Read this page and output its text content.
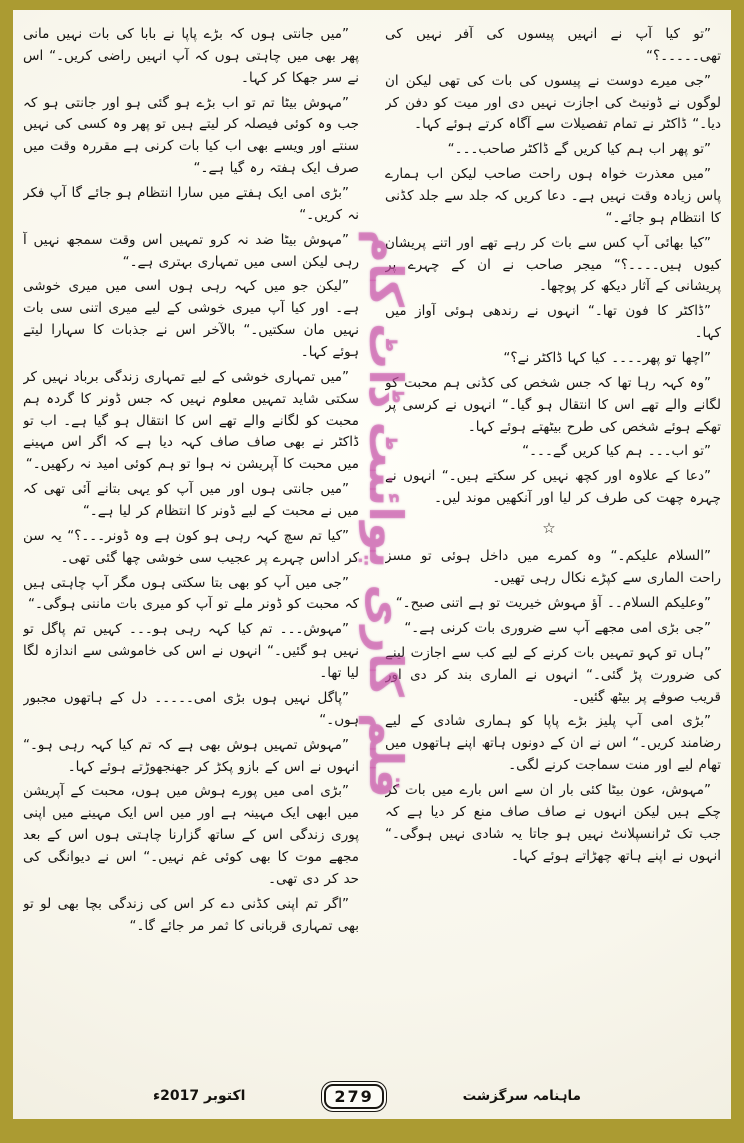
”تو کیا آپ نے انہیں پیسوں کی آفر نہیں کی تھی۔۔۔۔۔؟“

”جی میرے دوست نے پیسوں کی بات کی تھی لیکن ان لوگوں نے ڈونیٹ کی اجازت نہیں دی اور میت کو دفن کر دیا۔“ ڈاکٹر نے تمام تفصیلات سے آگاہ کرتے ہوئے کہا۔

”تو پھر اب ہم کیا کریں گے ڈاکٹر صاحب۔۔۔“

”میں معذرت خواہ ہوں راحت صاحب لیکن اب ہمارے پاس زیادہ وقت نہیں ہے۔ دعا کریں کہ جلد سے جلد کڈنی کا انتظام ہو جائے۔“

”کیا بھائی آپ کس سے بات کر رہے تھے اور اتنے پریشان کیوں ہیں۔۔۔۔؟“ میجر صاحب نے ان کے چہرے پر پریشانی کے آثار دیکھ کر پوچھا۔

”ڈاکٹر کا فون تھا۔“ انہوں نے رندھی ہوئی آواز میں کہا۔

”اچھا تو پھر۔۔۔۔ کیا کہا ڈاکٹر نے؟“

”وہ کہہ رہا تھا کہ جس شخص کی کڈنی ہم محبت کو لگانے والے تھے اس کا انتقال ہو گیا۔“ انہوں نے کرسی پر تھکے ہوئے شخص کی طرح بیٹھتے ہوئے کہا۔

”تو اب۔۔۔ ہم کیا کریں گے۔۔۔“

”دعا کے علاوہ اور کچھ نہیں کر سکتے ہیں۔“ انہوں نے چہرہ چھت کی طرف کر لیا اور آنکھیں موند لیں۔

☆

”السلام علیکم۔“ وہ کمرے میں داخل ہوئی تو مسز راحت الماری سے کپڑے نکال رہی تھیں۔

”وعلیکم السلام۔۔ آؤ مہوش خیریت تو ہے اتنی صبح۔“

”جی بڑی امی مجھے آپ سے ضروری بات کرنی ہے۔“

”ہاں تو کہو تمہیں بات کرنے کے لیے کب سے اجازت لینے کی ضرورت پڑ گئی۔“ انہوں نے الماری بند کر دی اور قریب صوفے پر بیٹھ گئیں۔

”بڑی امی آپ پلیز بڑے پاپا کو ہماری شادی کے لیے رضامند کریں۔“ اس نے ان کے دونوں ہاتھ اپنے ہاتھوں میں تھام لیے اور منت سماجت کرنے لگی۔

”مہوش، عون بیٹا کئی بار ان سے اس بارے میں بات کر چکے ہیں لیکن انہوں نے صاف صاف منع کر دیا ہے کہ جب تک ٹرانسپلانٹ نہیں ہو جاتا یہ شادی نہیں ہوگی۔“ انہوں نے اپنے ہاتھ چھڑاتے ہوئے کہا۔

”میں جانتی ہوں کہ بڑے پاپا نے بابا کی بات نہیں مانی پھر بھی میں چاہتی ہوں کہ آپ انہیں راضی کریں۔“ اس نے سر جھکا کر کہا۔

”مہوش بیٹا تم تو اب بڑے ہو گئی ہو اور جانتی ہو کہ جب وہ کوئی فیصلہ کر لیتے ہیں تو پھر وہ کسی کی نہیں سنتے اور ویسے بھی اب کیا بات کرنی ہے مقررہ وقت میں صرف ایک ہفتہ رہ گیا ہے۔“

”بڑی امی ایک ہفتے میں سارا انتظام ہو جائے گا آپ فکر نہ کریں۔“

”مہوش بیٹا ضد نہ کرو تمہیں اس وقت سمجھ نہیں آ رہی لیکن اسی میں تمہاری بہتری ہے۔“

”لیکن جو میں کہہ رہی ہوں اسی میں میری خوشی ہے۔ اور کیا آپ میری خوشی کے لیے میری اتنی سی بات نہیں مان سکتیں۔“ بالآخر اس نے جذبات کا سہارا لیتے ہوئے کہا۔

”میں تمہاری خوشی کے لیے تمہاری زندگی برباد نہیں کر سکتی شاید تمہیں معلوم نہیں کہ جس ڈونر کا گردہ ہم محبت کو لگانے والے تھے اس کا انتقال ہو گیا ہے۔ اب تو ڈاکٹر نے بھی صاف صاف کہہ دیا ہے کہ اگر اس مہینے میں محبت کا آپریشن نہ ہوا تو ہم کوئی امید نہ رکھیں۔“

”میں جانتی ہوں اور میں آپ کو یہی بتانے آئی تھی کہ میں نے محبت کے لیے ڈونر کا انتظام کر لیا ہے۔“

”کیا تم سچ کہہ رہی ہو کون ہے وہ ڈونر۔۔۔؟“ یہ سن کر اداس چہرے پر عجیب سی خوشی چھا گئی تھی۔

”جی میں آپ کو بھی بتا سکتی ہوں مگر آپ چاہتی ہیں کہ محبت کو ڈونر ملے تو آپ کو میری بات ماننی ہوگی۔“

”مہوش۔۔۔ تم کیا کہہ رہی ہو۔۔۔ کہیں تم پاگل تو نہیں ہو گئیں۔“ انہوں نے اس کی خاموشی سے اندازہ لگا لیا تھا۔

”پاگل نہیں ہوں بڑی امی۔۔۔۔۔ دل کے ہاتھوں مجبور ہوں۔“

”مہوش تمہیں ہوش بھی ہے کہ تم کیا کہہ رہی ہو۔“ انہوں نے اس کے بازو پکڑ کر جھنجھوڑتے ہوئے کہا۔

”بڑی امی میں پورے ہوش میں ہوں، محبت کے آپریشن میں ابھی ایک مہینہ ہے اور میں اس ایک مہینے میں اپنی پوری زندگی اس کے ساتھ گزارنا چاہتی ہوں اس کے بعد مجھے موت کا بھی کوئی غم نہیں۔“ اس نے دیوانگی کی حد کر دی تھی۔

”اگر تم اپنی کڈنی دے کر اس کی زندگی بچا بھی لو تو بھی تمہاری قربانی کا ثمر مر جائے گا۔“

قلم کاری پوائنٹ ڈاٹ کام
اکتوبر 2017ء	279	ماہنامہ سرگزشت
